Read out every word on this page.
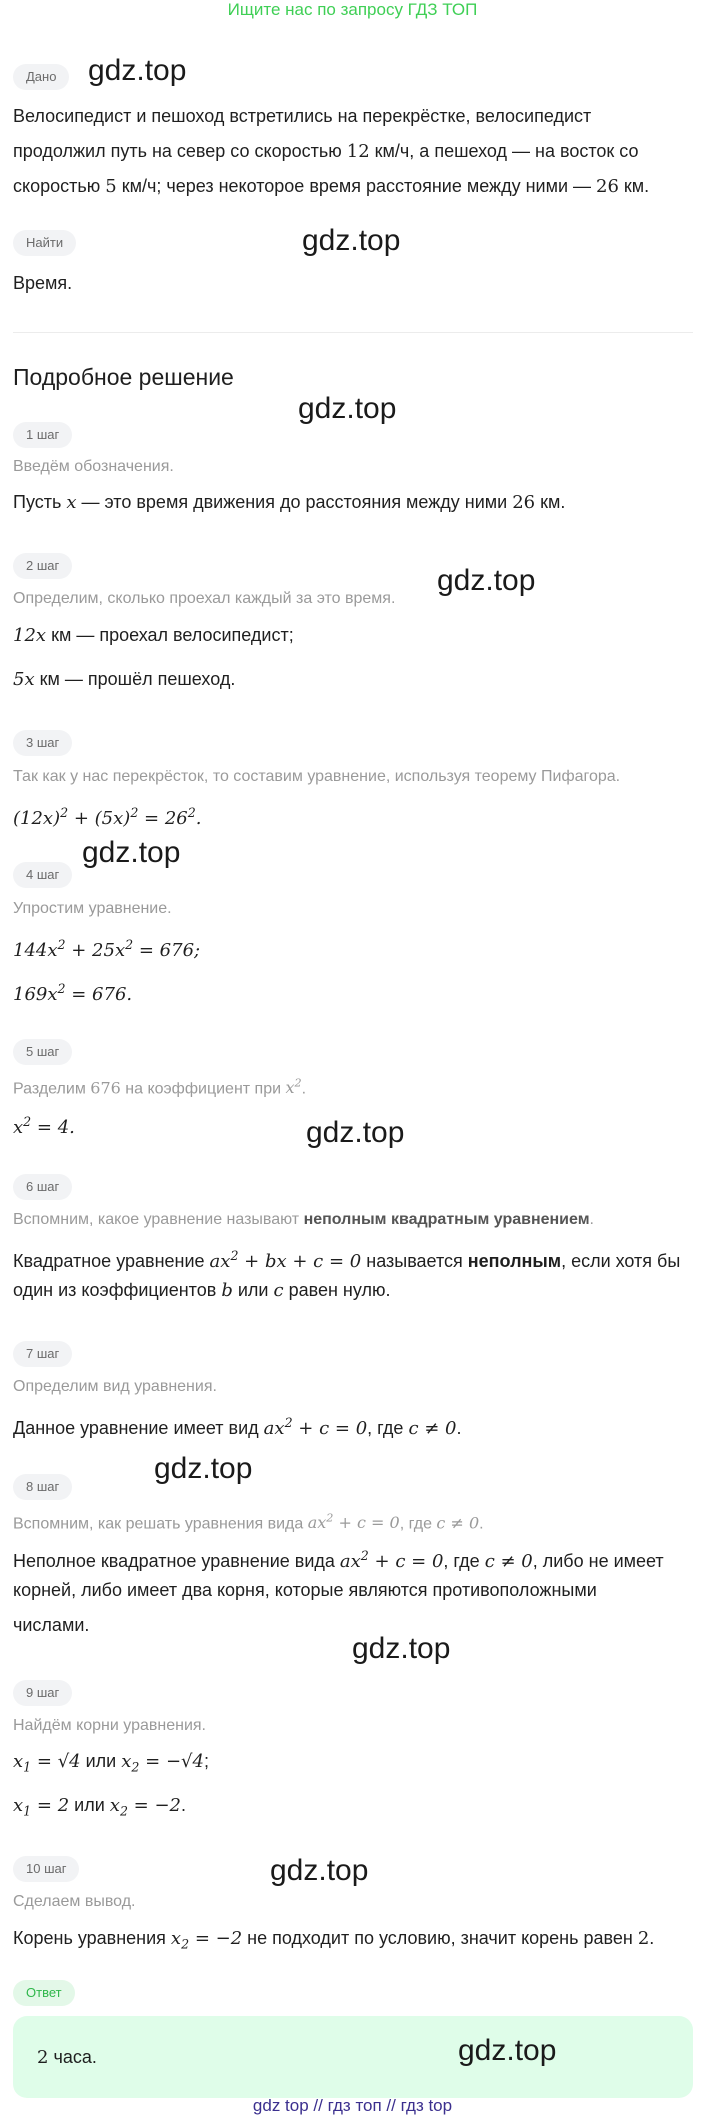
Ищите нас по запросу ГДЗ ТОП
Дано	gdz.top
Велосипедист и пешоход встретились на перекрёстке, велосипедист
продолжил путь на север со скоростью 12 км/ч, а пешеход — на восток со
скоростью 5 км/ч; через некоторое время расстояние между ними — 26 км.
Найти	gdz.top
Время.
Подробное решение
gdz.top
1 шаг
Введём обозначения.
Пусть x — это время движения до расстояния между ними 26 км.
2 шаг	gdz.top
Определим, сколько проехал каждый за это время.
12x км — проехал велосипедист;
5x км — прошёл пешеход.
3 шаг
Так как у нас перекрёсток, то составим уравнение, используя теорему Пифагора.
$(12x)^2 + (5x)^2 = 26^2$.
gdz.top
4 шаг
Упростим уравнение.
$144x^2 + 25x^2 = 676$;
$169x^2 = 676$.
5 шаг
Разделим 676 на коэффициент при $x^2$.
$x^2 = 4$.	gdz.top
6 шаг
Вспомним, какое уравнение называют неполным квадратным уравнением.
Квадратное уравнение $ax^2$ + bx + c = 0 называется неполным, если хотя бы
один из коэффициентов b или c равен нулю.
7 шаг
Определим вид уравнения.
Данное уравнение имеет вид $ax^2 + c = 0$, где c ≠ 0.
gdz.top
8 шаг
Вспомним, как решать уравнения вида $ax^2 + c = 0$, где c ≠ 0.
Неполное квадратное уравнение вида $ax^2 + c = 0$, где c ≠ 0, либо не имеет
корней, либо имеет два корня, которые являются противоположными
числами.
gdz.top
9 шаг
Найдём корни уравнения.
$x_1 = √4$ или $x_2 = -√4$;
$x_1 = 2$ или $x_2 = -2$.
10 шаг	gdz.top
Сделаем вывод.
Корень уравнения $x_2 = -2$ не подходит по условию, значит корень равен 2.
Ответ
2 часа.	gdz.top
gdz top // гдз топ // гдз top
